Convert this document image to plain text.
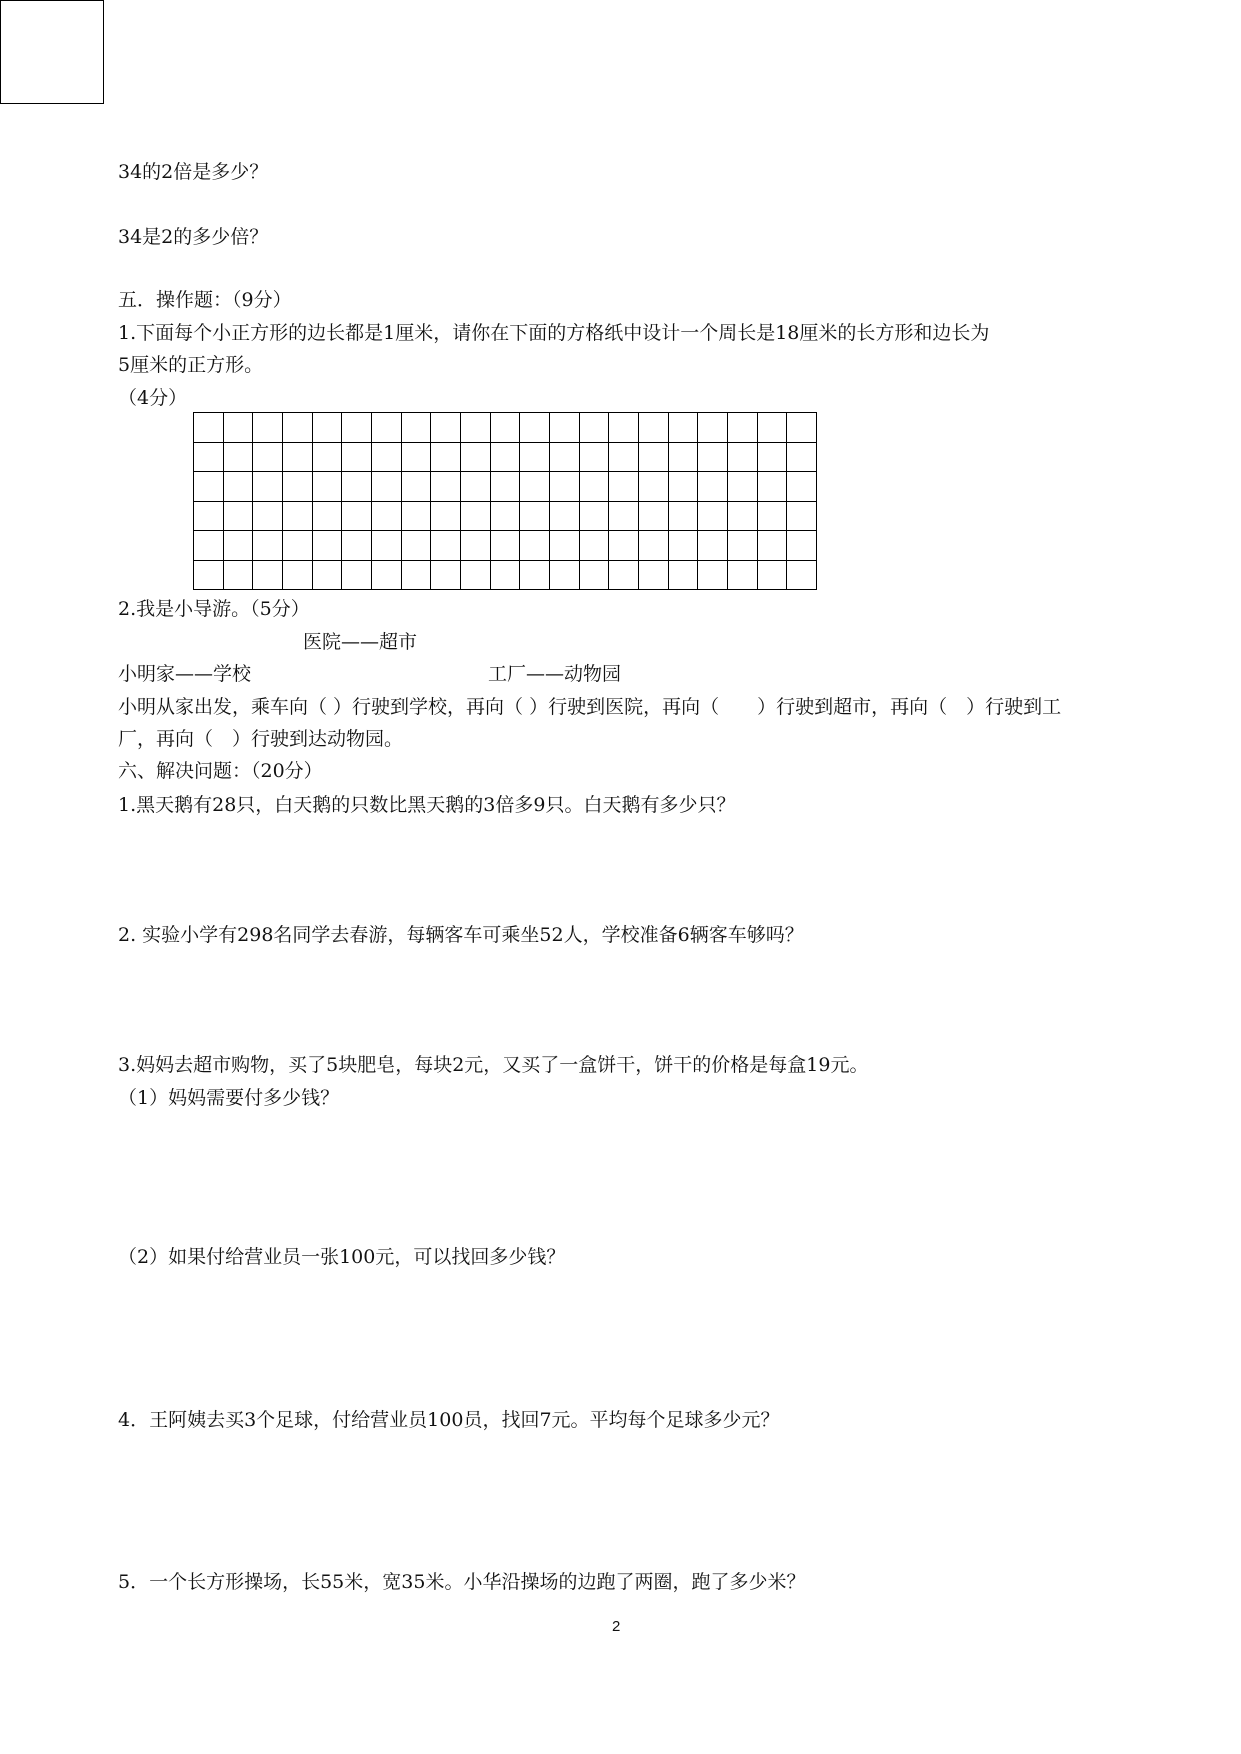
34的2倍是多少？
34是2的多少倍？
五．操作题：（9分）
1.下面每个小正方形的边长都是1厘米，请你在下面的方格纸中设计一个周长是18厘米的长方形和边长为
5厘米的正方形。
（4分）
2.我是小导游。（5分）
医院——超市
小明家——学校	工厂——动物园
小明从家出发，乘车向（ ）行驶到学校，再向（ ）行驶到医院，再向（　　）行驶到超市，再向（　）行驶到工
厂，再向（　）行驶到达动物园。
六、解决问题：（20分）
1.黑天鹅有28只，白天鹅的只数比黑天鹅的3倍多9只。白天鹅有多少只？
2. 实验小学有298名同学去春游，每辆客车可乘坐52人，学校准备6辆客车够吗？
3.妈妈去超市购物，买了5块肥皂，每块2元，又买了一盒饼干，饼干的价格是每盒19元。
（1）妈妈需要付多少钱？
（2）如果付给营业员一张100元，可以找回多少钱？
4．王阿姨去买3个足球，付给营业员100员，找回7元。平均每个足球多少元？
5．一个长方形操场，长55米，宽35米。小华沿操场的边跑了两圈，跑了多少米？
2
